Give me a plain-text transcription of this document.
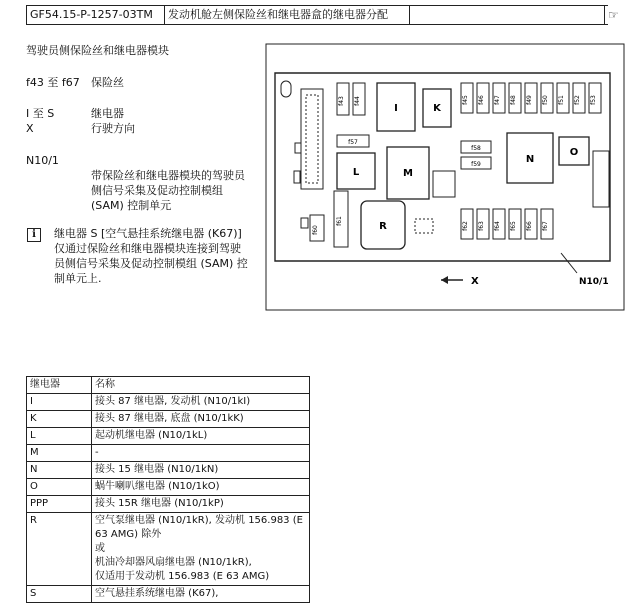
GF54.15-P-1257-03TM	发动机舱左侧保险丝和继电器盒的继电器分配	☞
驾驶员侧保险丝和继电器模块
f43 至 f67 保险丝
I 至 S	继电器
X	行驶方向
N10/1
带保险丝和继电器模块的驾驶员侧信号采集及促动控制模组 (SAM) 控制单元
i	继电器 S [空气悬挂系统继电器 (K67)] 仅通过保险丝和继电器模块连接到驾驶员侧信号采集及促动控制模组 (SAM) 控制单元上.
f43 f44
I	K
f45 f46 f47 f48 f49 f50 f51 f52 f53
f57
f58
f59
L	M
N
O
f61
f60	R	f62 f63 f64 f65 f66 f67
X	N10/1
继电器	名称
I	接头 87 继电器, 发动机 (N10/1kI)
K	接头 87 继电器, 底盘 (N10/1kK)
L	起动机继电器 (N10/1kL)
M	-
N	接头 15 继电器 (N10/1kN)
O	蜗牛喇叭继电器 (N10/1kO)
PPP	接头 15R 继电器 (N10/1kP)
R	空气泵继电器 (N10/1kR), 发动机 156.983 (E 63 AMG) 除外
或
机油冷却器风扇继电器 (N10/1kR),
仅适用于发动机 156.983 (E 63 AMG)
S	空气悬挂系统继电器 (K67),
